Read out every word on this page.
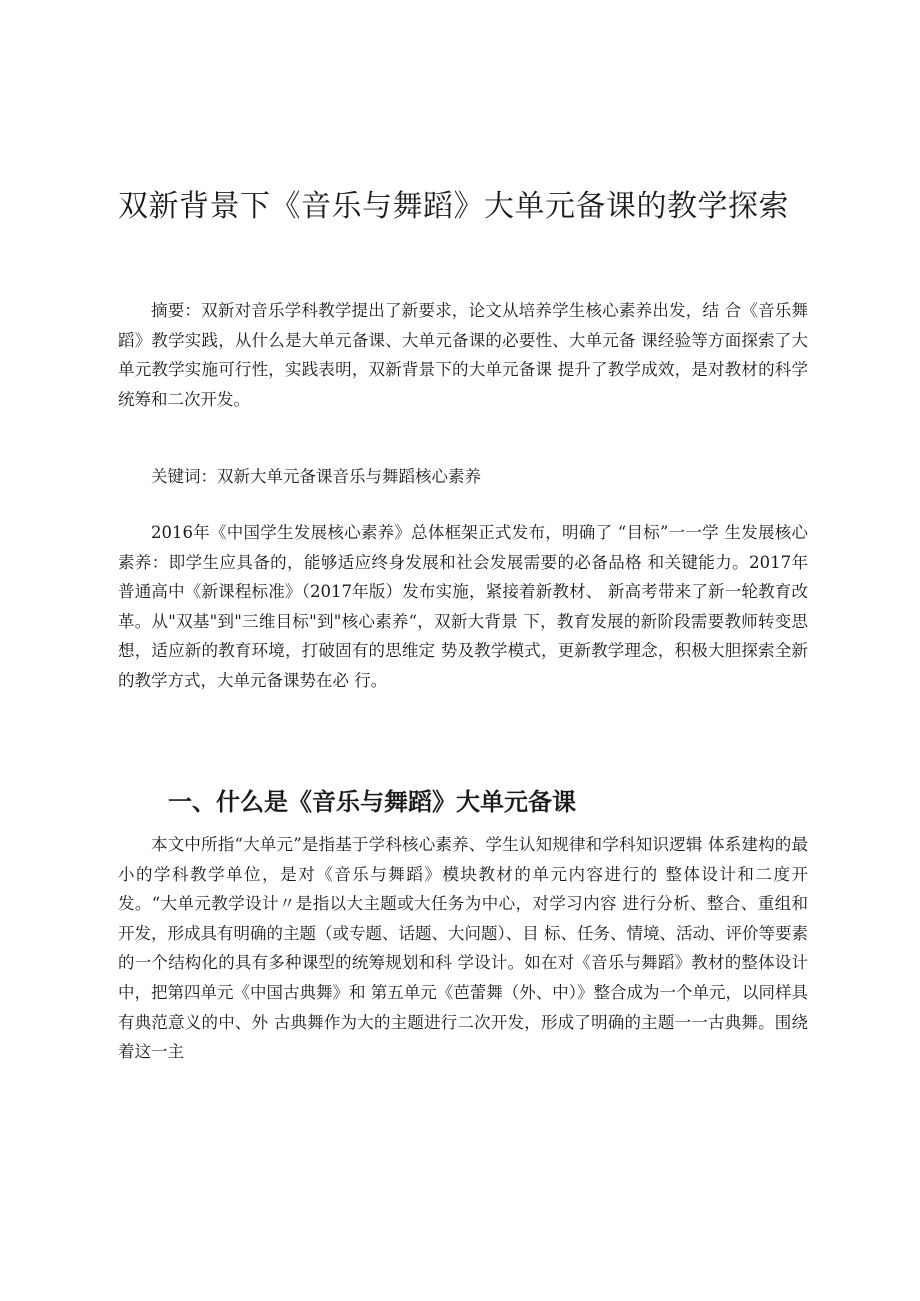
双新背景下《音乐与舞蹈》大单元备课的教学探索

摘要：双新对音乐学科教学提出了新要求，论文从培养学生核心素养出发，结 合《音乐舞蹈》教学实践，从什么是大单元备课、大单元备课的必要性、大单元备 课经验等方面探索了大单元教学实施可行性，实践表明，双新背景下的大单元备课 提升了教学成效，是对教材的科学统筹和二次开发。

关键词：双新大单元备课音乐与舞蹈核心素养

2016年《中国学生发展核心素养》总体框架正式发布，明确了 “目标”一一学 生发展核心素养：即学生应具备的，能够适应终身发展和社会发展需要的必备品格 和关键能力。2017年普通高中《新课程标准》（2017年版）发布实施，紧接着新教材、 新高考带来了新一轮教育改革。从"双基"到"三维目标"到"核心素养“，双新大背景 下，教育发展的新阶段需要教师转变思想，适应新的教育环境，打破固有的思维定 势及教学模式，更新教学理念，积极大胆探索全新的教学方式，大单元备课势在必 行。

一、什么是《音乐与舞蹈》大单元备课

本文中所指“大单元”是指基于学科核心素养、学生认知规律和学科知识逻辑 体系建构的最小的学科教学单位，是对《音乐与舞蹈》模块教材的单元内容进行的 整体设计和二度开发。“大单元教学设计〃是指以大主题或大任务为中心，对学习内容 进行分析、整合、重组和开发，形成具有明确的主题（或专题、话题、大问题）、目 标、任务、情境、活动、评价等要素的一个结构化的具有多种课型的统筹规划和科 学设计。如在对《音乐与舞蹈》教材的整体设计中，把第四单元《中国古典舞》和 第五单元《芭蕾舞（外、中）》整合成为一个单元，以同样具有典范意义的中、外 古典舞作为大的主题进行二次开发，形成了明确的主题一一古典舞。围绕着这一主
